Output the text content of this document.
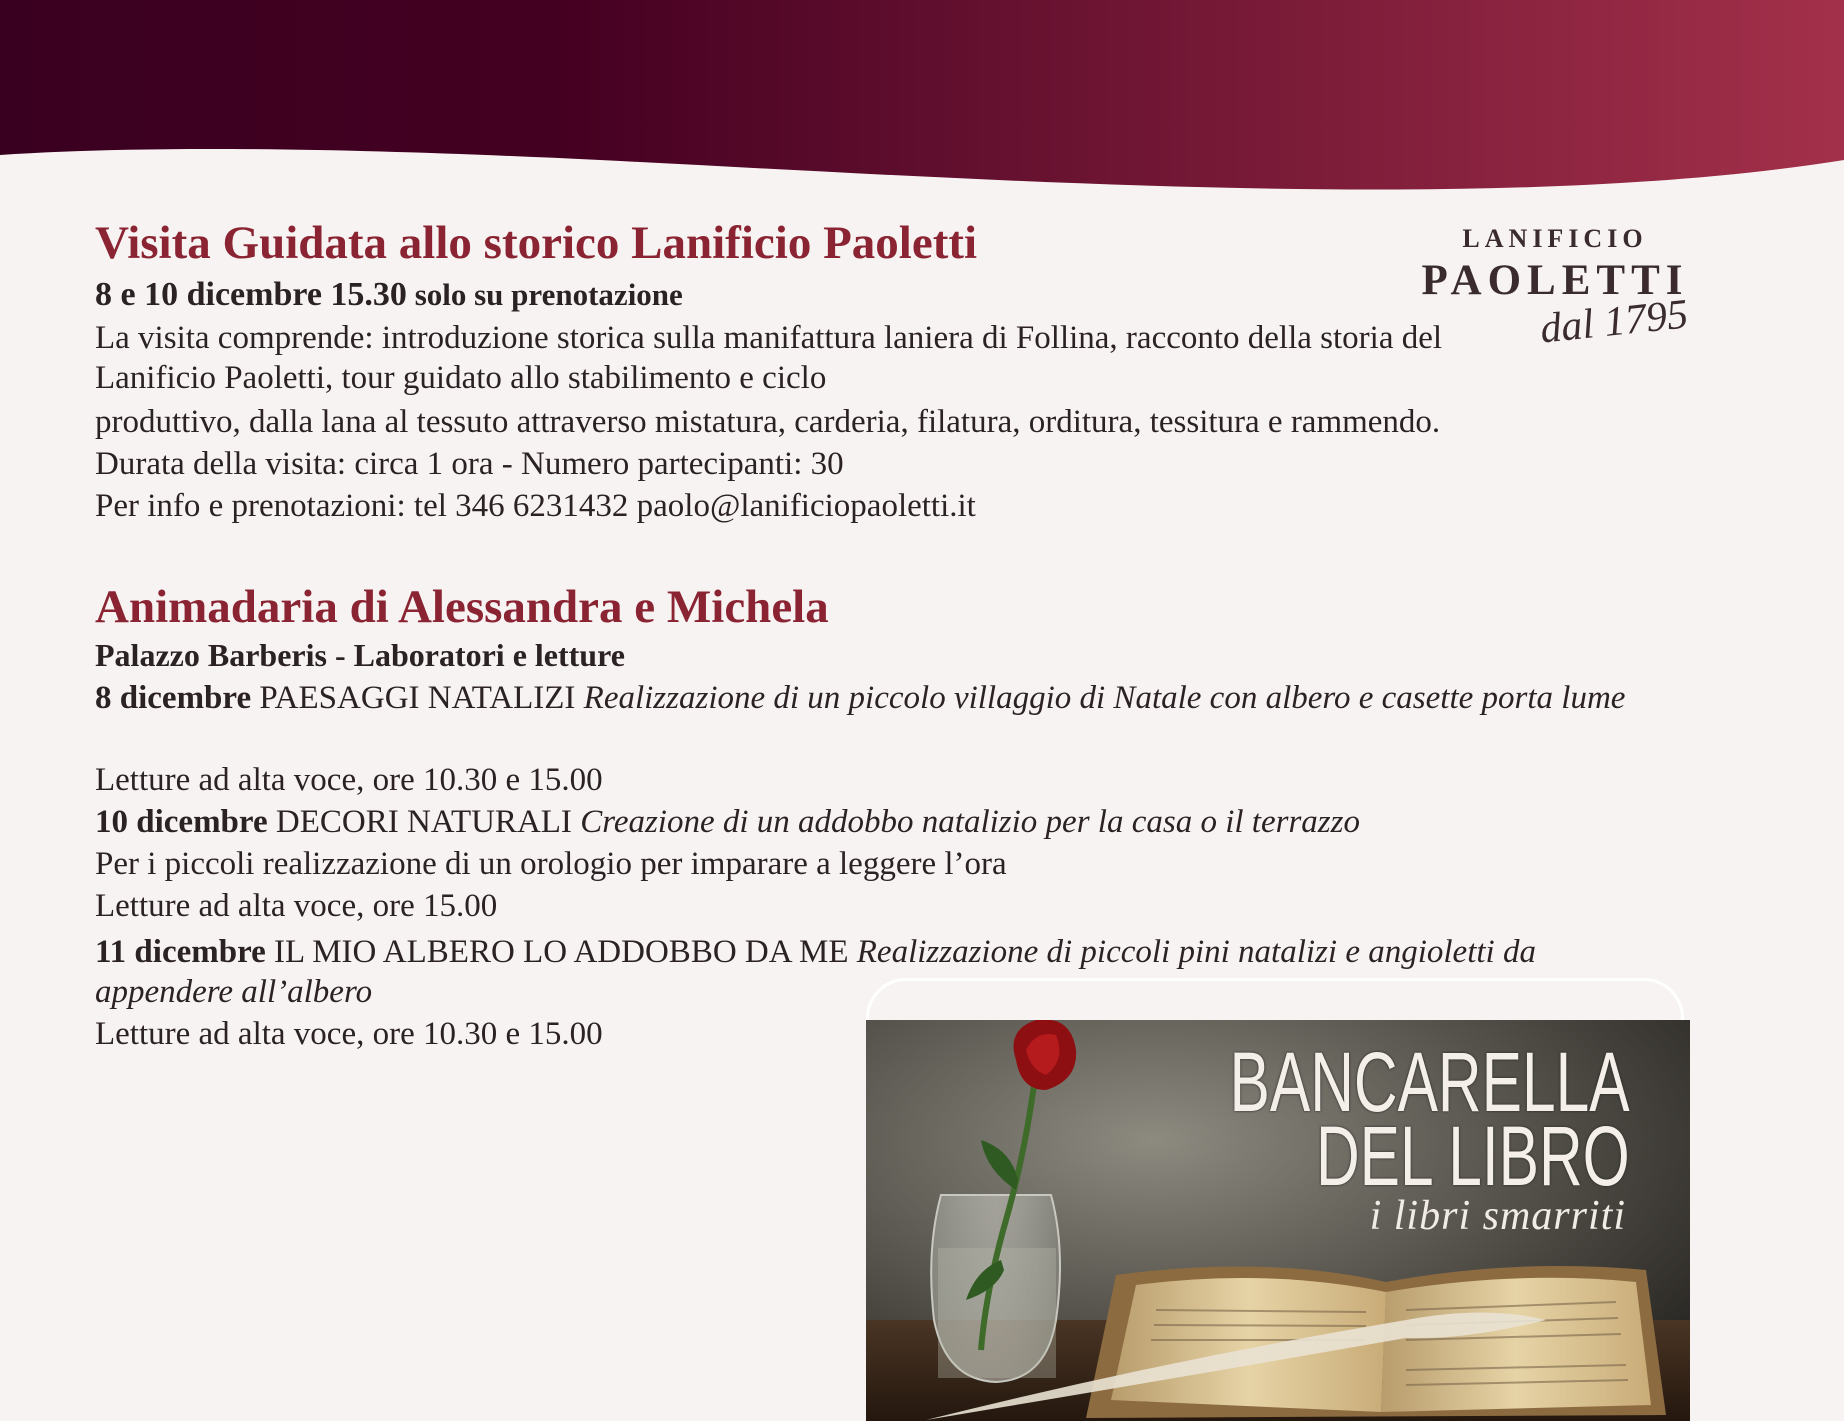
Visita Guidata allo storico Lanificio Paoletti

8 e 10 dicembre 15.30 solo su prenotazione

La visita comprende: introduzione storica sulla manifattura laniera di Follina, racconto della storia del Lanificio Paoletti, tour guidato allo stabilimento e ciclo

produttivo, dalla lana al tessuto attraverso mistatura, carderia, filatura, orditura, tessitura e rammendo.

Durata della visita: circa 1 ora - Numero partecipanti: 30

Per info e prenotazioni: tel 346 6231432 paolo@lanificiopaoletti.it

Animadaria di Alessandra e Michela

Palazzo Barberis - Laboratori e letture

8 dicembre PAESAGGI NATALIZI Realizzazione di un piccolo villaggio di Natale con albero e casette porta lume

Letture ad alta voce, ore 10.30 e 15.00

10 dicembre DECORI NATURALI Creazione di un addobbo natalizio per la casa o il terrazzo

Per i piccoli realizzazione di un orologio per imparare a leggere l’ora

Letture ad alta voce, ore 15.00

11 dicembre IL MIO ALBERO LO ADDOBBO DA ME Realizzazione di piccoli pini natalizi e angioletti da appendere all’albero

Letture ad alta voce, ore 10.30 e 15.00

LANIFICIO
PAOLETTI
dal 1795
BANCARELLA
DEL LIBRO
i libri smarriti
